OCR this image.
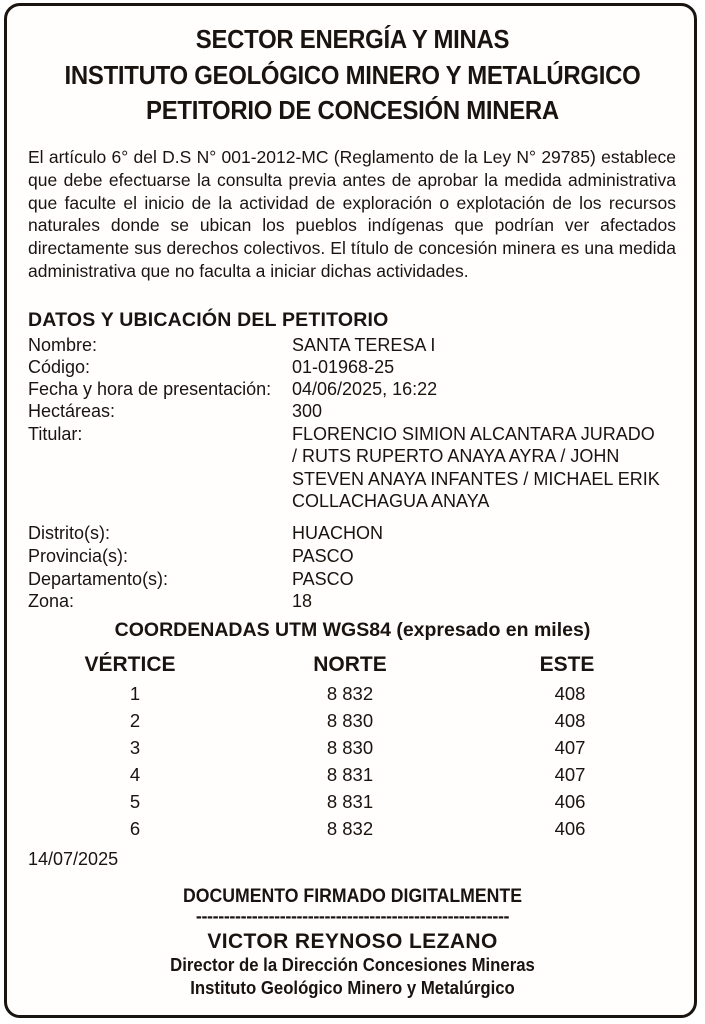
SECTOR ENERGÍA Y MINAS
INSTITUTO GEOLÓGICO MINERO Y METALÚRGICO
PETITORIO DE CONCESIÓN MINERA
El artículo 6° del D.S N° 001-2012-MC (Reglamento de la Ley N° 29785) establece que debe efectuarse la consulta previa antes de aprobar la medida administrativa que faculte el inicio de la actividad de exploración o explotación de los recursos naturales donde se ubican los pueblos indígenas que podrían ver afectados directamente sus derechos colectivos. El título de concesión minera es una medida administrativa que no faculta a iniciar dichas actividades.
DATOS Y UBICACIÓN DEL PETITORIO
Nombre:	SANTA TERESA I
Código:	01-01968-25
Fecha y hora de presentación: 04/06/2025, 16:22
Hectáreas:	300
Titular:	FLORENCIO SIMION ALCANTARA JURADO / RUTS RUPERTO ANAYA AYRA / JOHN STEVEN ANAYA INFANTES / MICHAEL ERIK COLLACHAGUA ANAYA
Distrito(s):	HUACHON
Provincia(s):	PASCO
Departamento(s):	PASCO
Zona:	18
COORDENADAS UTM WGS84 (expresado en miles)
VÉRTICE	NORTE	ESTE
1	8 832	408
2	8 830	408
3	8 830	407
4	8 831	407
5	8 831	406
6	8 832	406
14/07/2025
DOCUMENTO FIRMADO DIGITALMENTE
--------------------------------------------------------
VICTOR REYNOSO LEZANO
Director de la Dirección Concesiones Mineras
Instituto Geológico Minero y Metalúrgico
